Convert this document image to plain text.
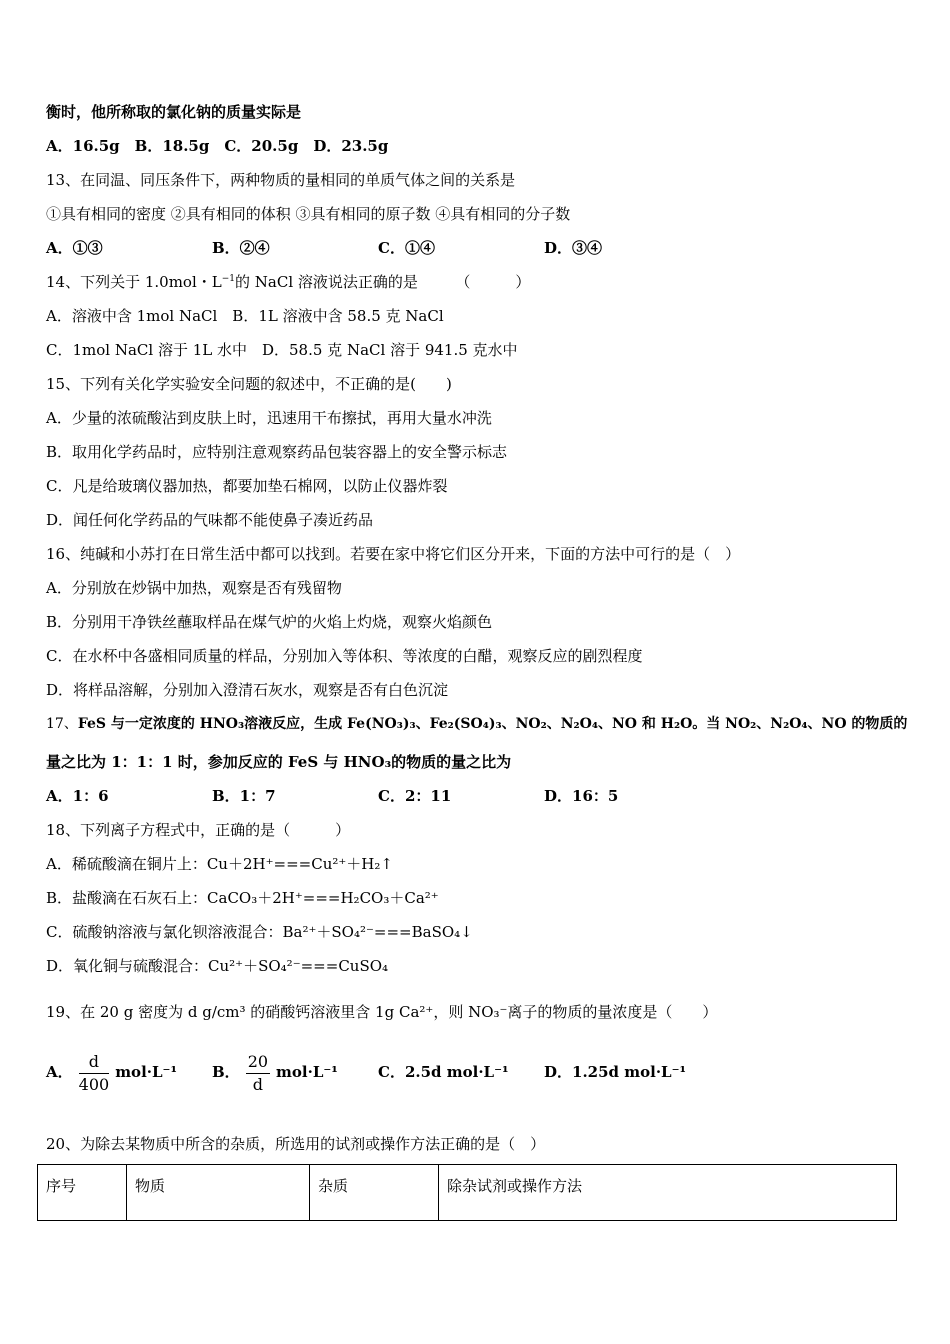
衡时，他所称取的氯化钠的质量实际是
A．16.5g　B．18.5g　C．20.5g　D．23.5g
13、在同温、同压条件下，两种物质的量相同的单质气体之间的关系是
①具有相同的密度 ②具有相同的体积 ③具有相同的原子数 ④具有相同的分子数
A．①③	B．②④	C．①④	D．③④
14、下列关于 1.0mol・$L^{-1}$的 NaCl 溶液说法正确的是　　　（　　　）
A．溶液中含 1mol NaCl　B．1L 溶液中含 58.5 克 NaCl
C．1mol NaCl 溶于 1L 水中　D．58.5 克 NaCl 溶于 941.5 克水中
15、下列有关化学实验安全问题的叙述中，不正确的是(　　)
A．少量的浓硫酸沾到皮肤上时，迅速用干布擦拭，再用大量水冲洗
B．取用化学药品时，应特别注意观察药品包装容器上的安全警示标志
C．凡是给玻璃仪器加热，都要加垫石棉网，以防止仪器炸裂
D．闻任何化学药品的气味都不能使鼻子凑近药品
16、纯碱和小苏打在日常生活中都可以找到。若要在家中将它们区分开来，下面的方法中可行的是（　）
A．分别放在炒锅中加热，观察是否有残留物
B．分别用干净铁丝蘸取样品在煤气炉的火焰上灼烧，观察火焰颜色
C．在水杯中各盛相同质量的样品，分别加入等体积、等浓度的白醋，观察反应的剧烈程度
D．将样品溶解，分别加入澄清石灰水，观察是否有白色沉淀
17、FeS 与一定浓度的 HNO₃溶液反应，生成 Fe(NO₃)₃、Fe₂(SO₄)₃、NO₂、N₂O₄、NO 和 H₂O。当 NO₂、N₂O₄、NO 的物质的
量之比为 1：1：1 时，参加反应的 FeS 与 HNO₃的物质的量之比为
A．1：6	B．1：7	C．2：11	D．16：5
18、下列离子方程式中，正确的是（　　　）
A．稀硫酸滴在铜片上：Cu＋2H⁺===Cu²⁺＋H₂↑
B．盐酸滴在石灰石上：CaCO₃＋2H⁺===H₂CO₃＋Ca²⁺
C．硫酸钠溶液与氯化钡溶液混合：Ba²⁺＋SO₄²⁻===BaSO₄↓
D．氧化铜与硫酸混合：Cu²⁺＋SO₄²⁻===CuSO₄
19、在 20 g 密度为 d g/cm³ 的硝酸钙溶液里含 1g Ca²⁺，则 NO₃⁻离子的物质的量浓度是（　　）
A． $\frac{d}{400} mol\cdot L^{-1}$ B． $\frac{20}{d} mol\cdot L^{-1}$	C．2.5d mol·L⁻¹ D．1.25d mol·L⁻¹
20、为除去某物质中所含的杂质，所选用的试剂或操作方法正确的是（　）
序号	物质	杂质	除杂试剂或操作方法
